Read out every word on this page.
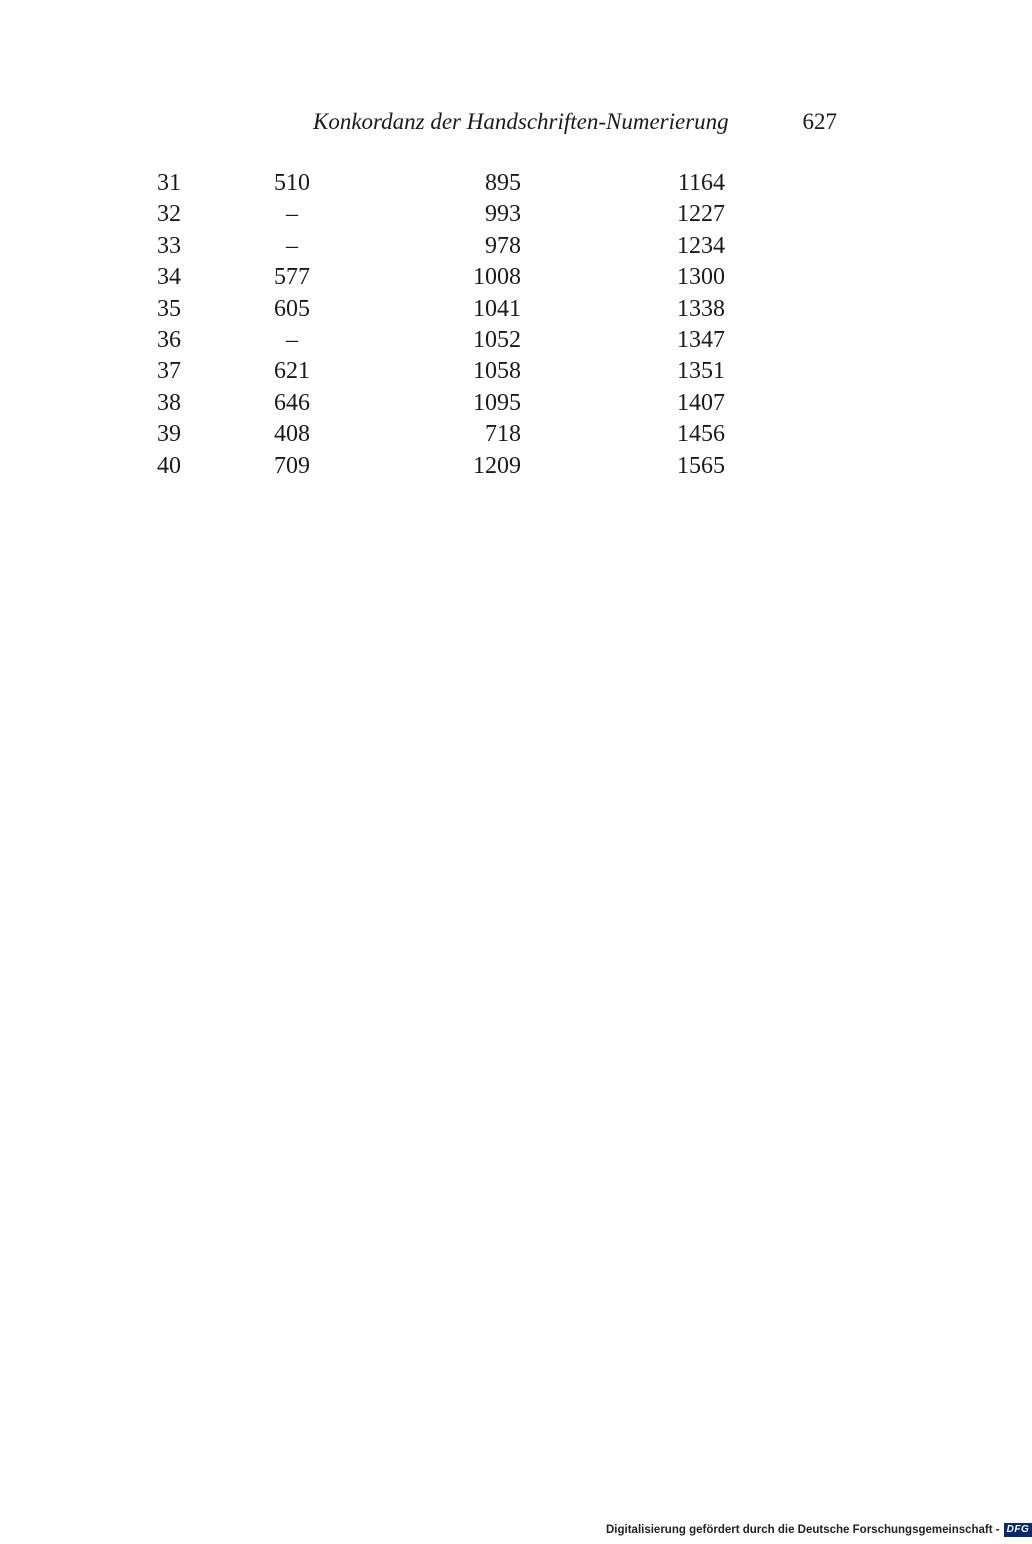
Konkordanz der Handschriften-Numerierung	627
31	510	895	1164
32	–	993	1227
33	–	978	1234
34	577	1008	1300
35	605	1041	1338
36	–	1052	1347
37	621	1058	1351
38	646	1095	1407
39	408	718	1456
40	709	1209	1565
Digitalisierung gefördert durch die Deutsche Forschungsgemeinschaft - DFG
